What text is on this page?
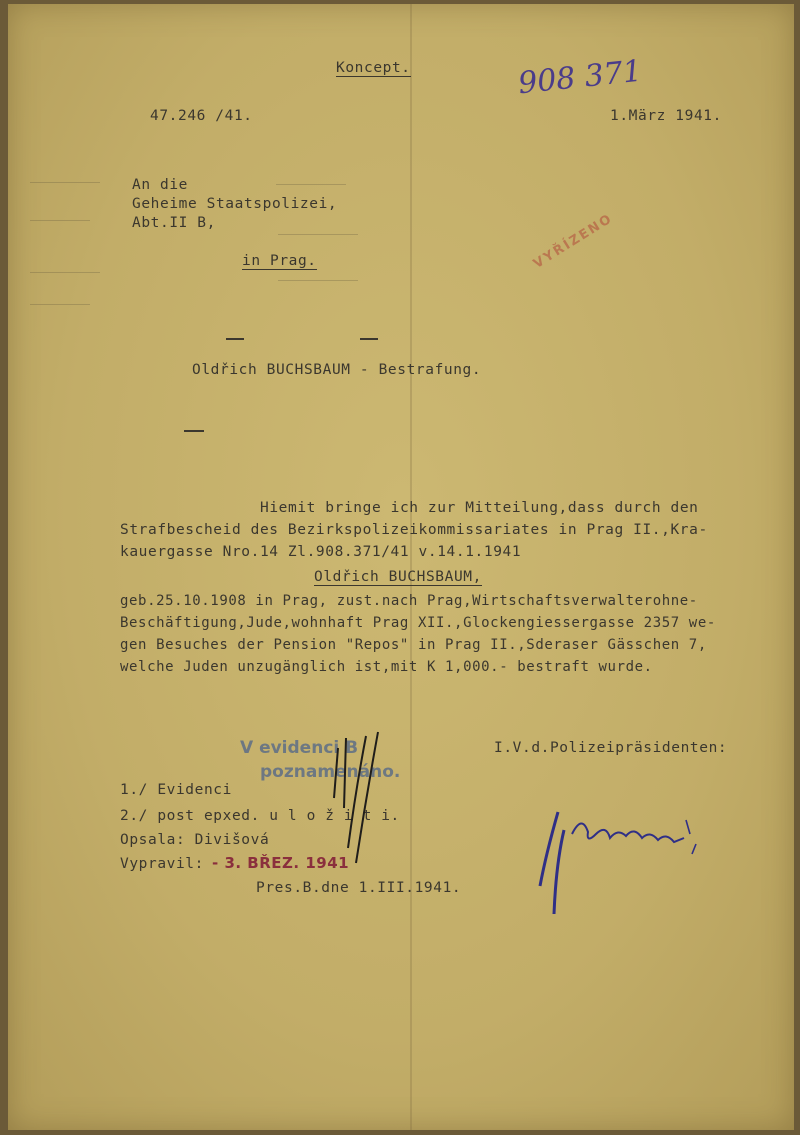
Koncept.	908 371
47.246 /41.	1.März 1941.
An die
Geheime Staatspolizei,
Abt.II B,
in Prag.	VYŘÍZENO
Oldřich BUCHSBAUM - Bestrafung.
Hiemit bringe ich zur Mitteilung,dass durch den
Strafbescheid des Bezirkspolizeikommissariates in Prag II.,Kra-
kauergasse Nro.14 Zl.908.371/41 v.14.1.1941
Oldřich BUCHSBAUM,
geb.25.10.1908 in Prag, zust.nach Prag,Wirtschaftsverwalterohne-
Beschäftigung,Jude,wohnhaft Prag XII.,Glockengiessergasse 2357 we-
gen Besuches der Pension "Repos" in Prag II.,Sderaser Gässchen 7,
welche Juden unzugänglich ist,mit K 1,000.- bestraft wurde.
V evidenci B
poznamenáno.
I.V.d.Polizeipräsidenten:
1./ Evidenci
2./ post epxed. u l o ž i t i.
Opsala: Divišová
Vypravil: - 3. BŘEZ. 1941
Pres.B.dne 1.III.1941.
